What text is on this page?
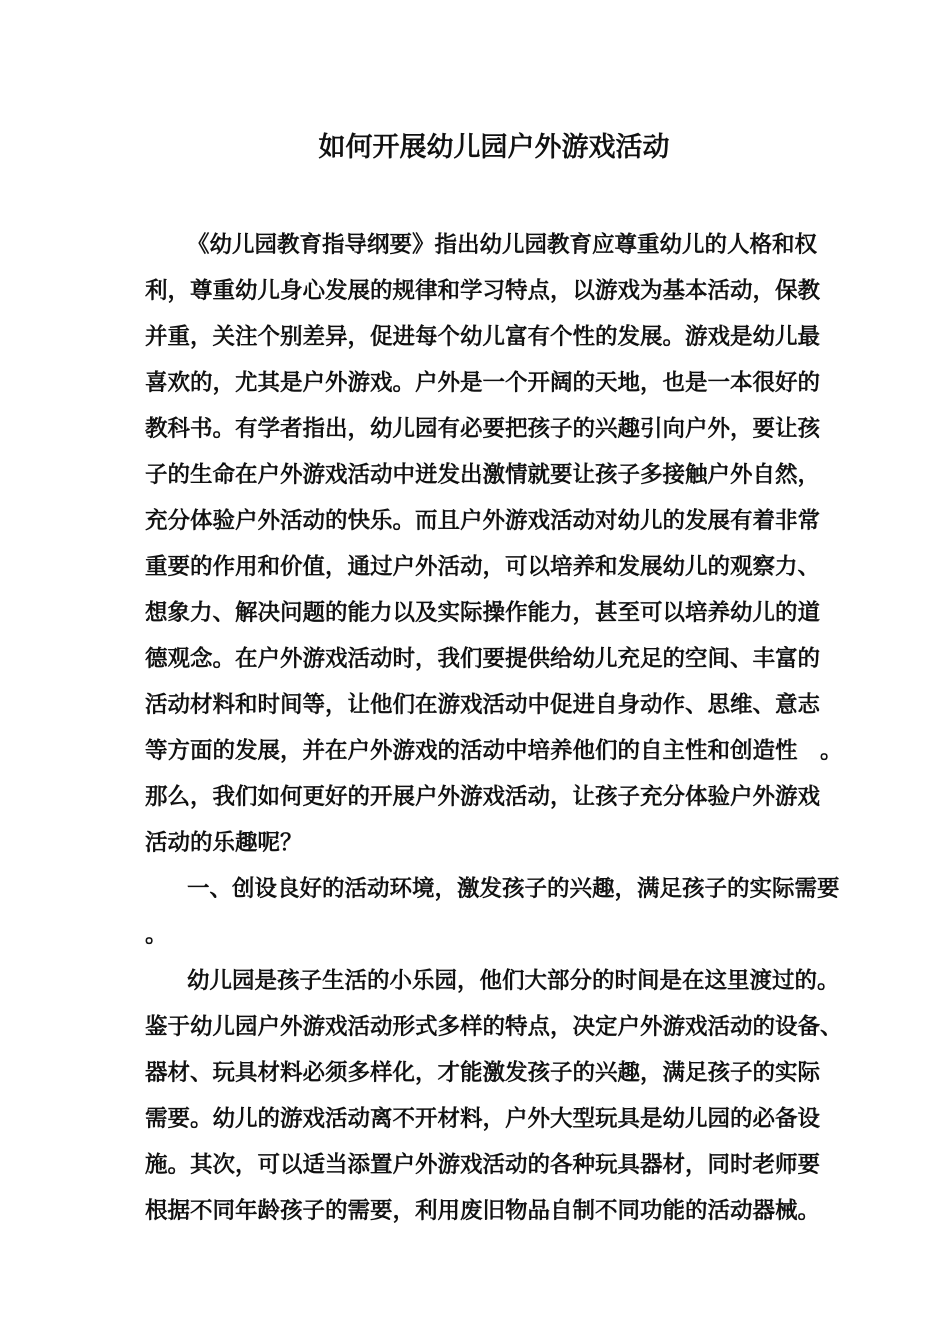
如何开展幼儿园户外游戏活动
《幼儿园教育指导纲要》指出幼儿园教育应尊重幼儿的人格和权
利，尊重幼儿身心发展的规律和学习特点，以游戏为基本活动，保教
并重，关注个别差异，促进每个幼儿富有个性的发展。游戏是幼儿最
喜欢的，尤其是户外游戏。户外是一个开阔的天地，也是一本很好的
教科书。有学者指出，幼儿园有必要把孩子的兴趣引向户外，要让孩
子的生命在户外游戏活动中迸发出激情就要让孩子多接触户外自然，
充分体验户外活动的快乐。而且户外游戏活动对幼儿的发展有着非常
重要的作用和价值，通过户外活动，可以培养和发展幼儿的观察力、
想象力、解决问题的能力以及实际操作能力，甚至可以培养幼儿的道
德观念。在户外游戏活动时，我们要提供给幼儿充足的空间、丰富的
活动材料和时间等，让他们在游戏活动中促进自身动作、思维、意志
等方面的发展，并在户外游戏的活动中培养他们的自主性和创造性　。
那么，我们如何更好的开展户外游戏活动，让孩子充分体验户外游戏
活动的乐趣呢？
一、创设良好的活动环境，激发孩子的兴趣，满足孩子的实际需要
。
幼儿园是孩子生活的小乐园，他们大部分的时间是在这里渡过的。
鉴于幼儿园户外游戏活动形式多样的特点，决定户外游戏活动的设备、
器材、玩具材料必须多样化，才能激发孩子的兴趣，满足孩子的实际
需要。幼儿的游戏活动离不开材料，户外大型玩具是幼儿园的必备设
施。其次，可以适当添置户外游戏活动的各种玩具器材，同时老师要
根据不同年龄孩子的需要，利用废旧物品自制不同功能的活动器械。
